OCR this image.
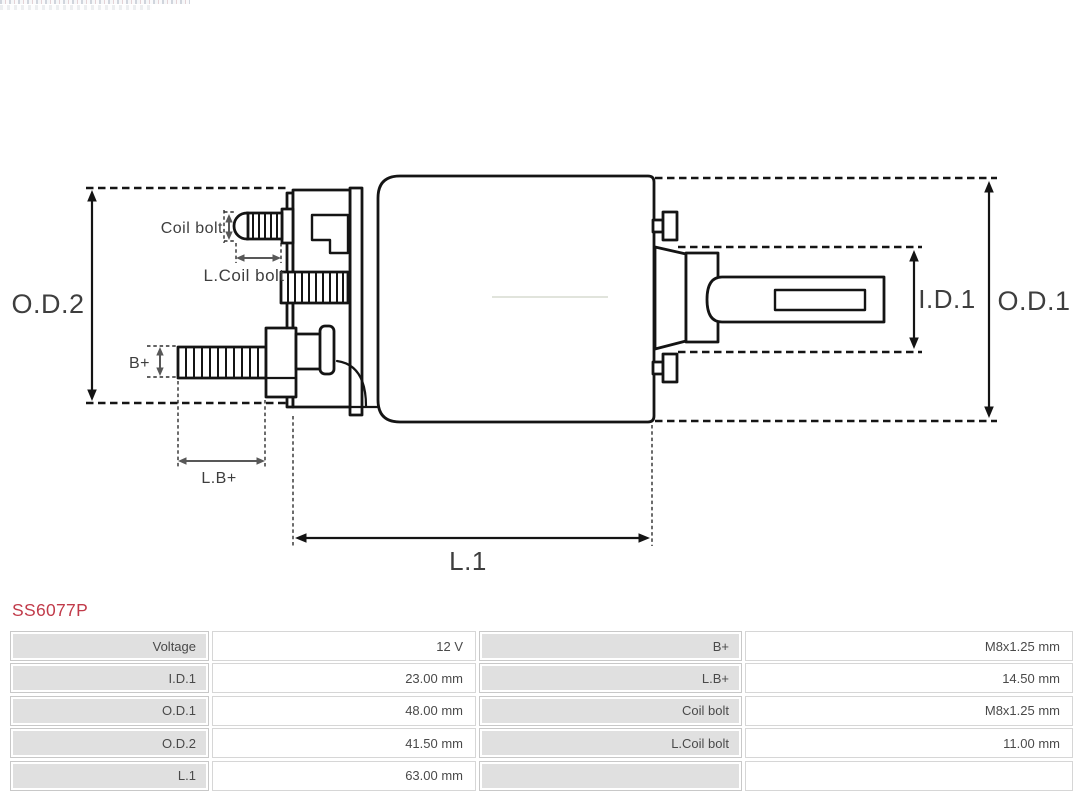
O.D.2	O.D.1
I.D.1
L.1
Coil bolt
L.Coil bolt
B+
L.B+
SS6077P
Voltage	12 V	B+	M8x1.25 mm
I.D.1	23.00 mm	L.B+	14.50 mm
O.D.1	48.00 mm	Coil bolt	M8x1.25 mm
O.D.2	41.50 mm	L.Coil bolt	11.00 mm
L.1	63.00 mm
